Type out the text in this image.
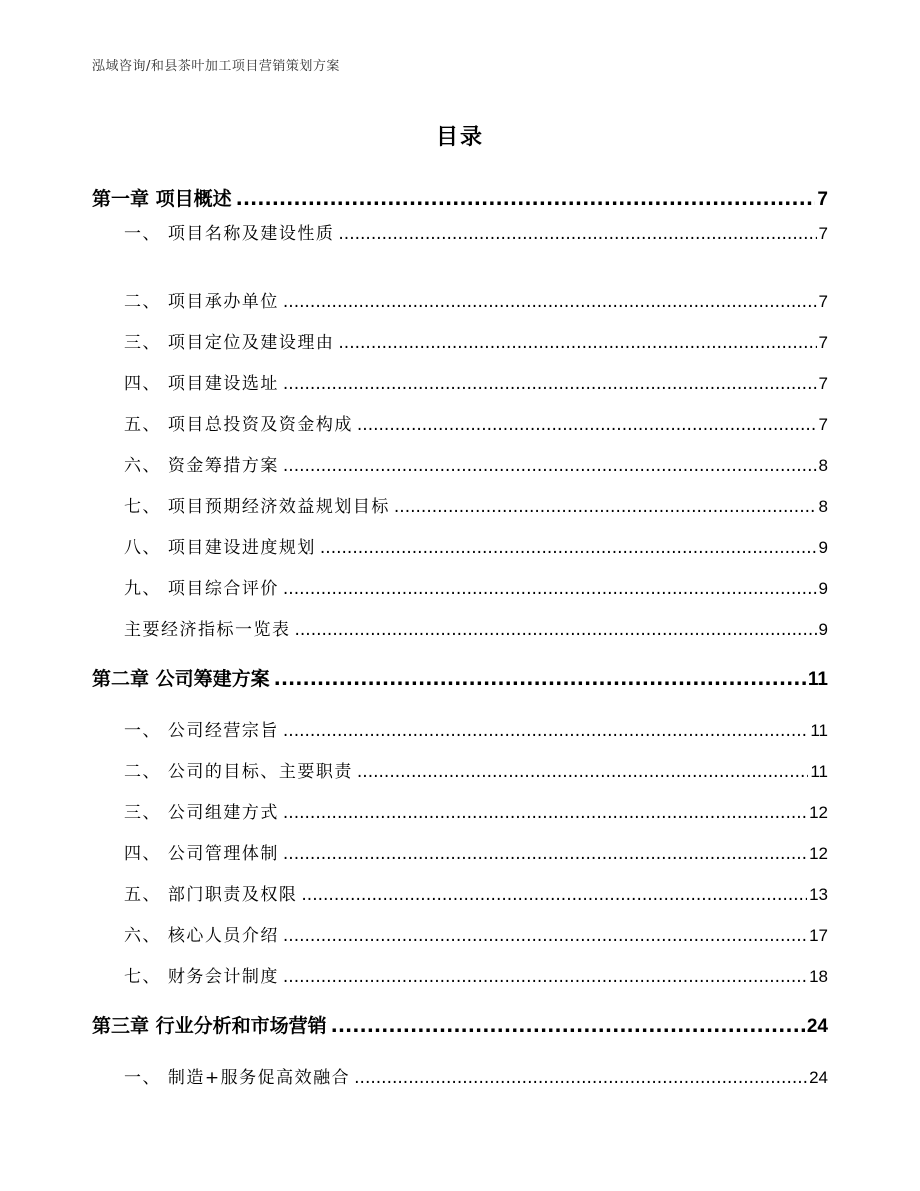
泓域咨询/和县茶叶加工项目营销策划方案
目录
第一章 项目概述 .....	7
一、 项目名称及建设性质 .....	7
二、 项目承办单位 .....	7
三、 项目定位及建设理由 .....	7
四、 项目建设选址 .....	7
五、 项目总投资及资金构成 .....	7
六、 资金筹措方案 .....	8
七、 项目预期经济效益规划目标 .....	8
八、 项目建设进度规划 .....	9
九、 项目综合评价 .....	9
主要经济指标一览表 .....	9
第二章 公司筹建方案 .....	11
一、 公司经营宗旨 .....	11
二、 公司的目标、主要职责 .....	11
三、 公司组建方式 .....	12
四、 公司管理体制 .....	12
五、 部门职责及权限 .....	13
六、 核心人员介绍 .....	17
七、 财务会计制度 .....	18
第三章 行业分析和市场营销 .....	24
一、 制造+服务促高效融合 .....	24
